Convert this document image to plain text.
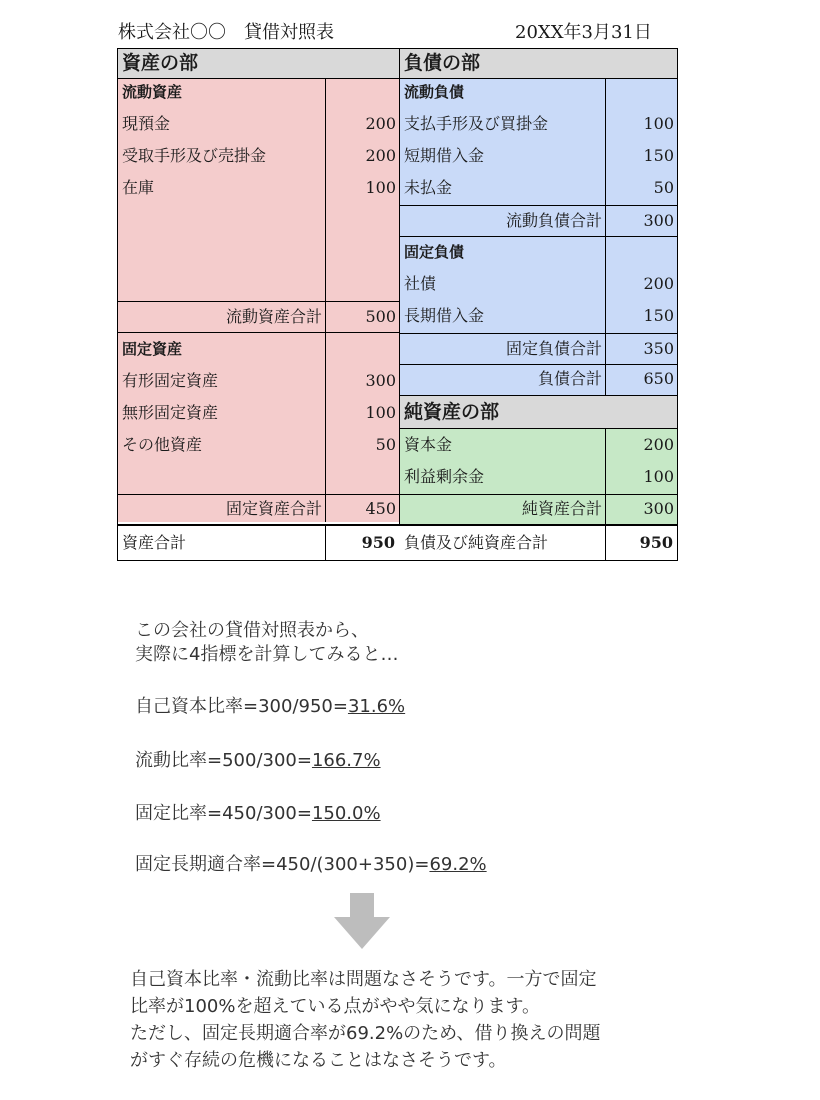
株式会社〇〇　貸借対照表	20XX年3月31日
資産の部
流動資産
現預金	200
受取手形及び売掛金	200
在庫	100
流動資産合計	500
固定資産
有形固定資産	300
無形固定資産	100
その他資産	50
固定資産合計	450
負債の部
流動負債
支払手形及び買掛金	100
短期借入金	150
未払金	50
流動負債合計	300
固定負債
社債	200
長期借入金	150
固定負債合計	350
負債合計	650
純資産の部
資本金	200
利益剰余金	100
純資産合計	300
資産合計	950 負債及び純資産合計	950
この会社の貸借対照表から、
実際に4指標を計算してみると…
自己資本比率=300/950=31.6%
流動比率=500/300=166.7%
固定比率=450/300=150.0%
固定長期適合率=450/(300+350)=69.2%
自己資本比率・流動比率は問題なさそうです。一方で固定
比率が100%を超えている点がやや気になります。
ただし、固定長期適合率が69.2%のため、借り換えの問題
がすぐ存続の危機になることはなさそうです。
